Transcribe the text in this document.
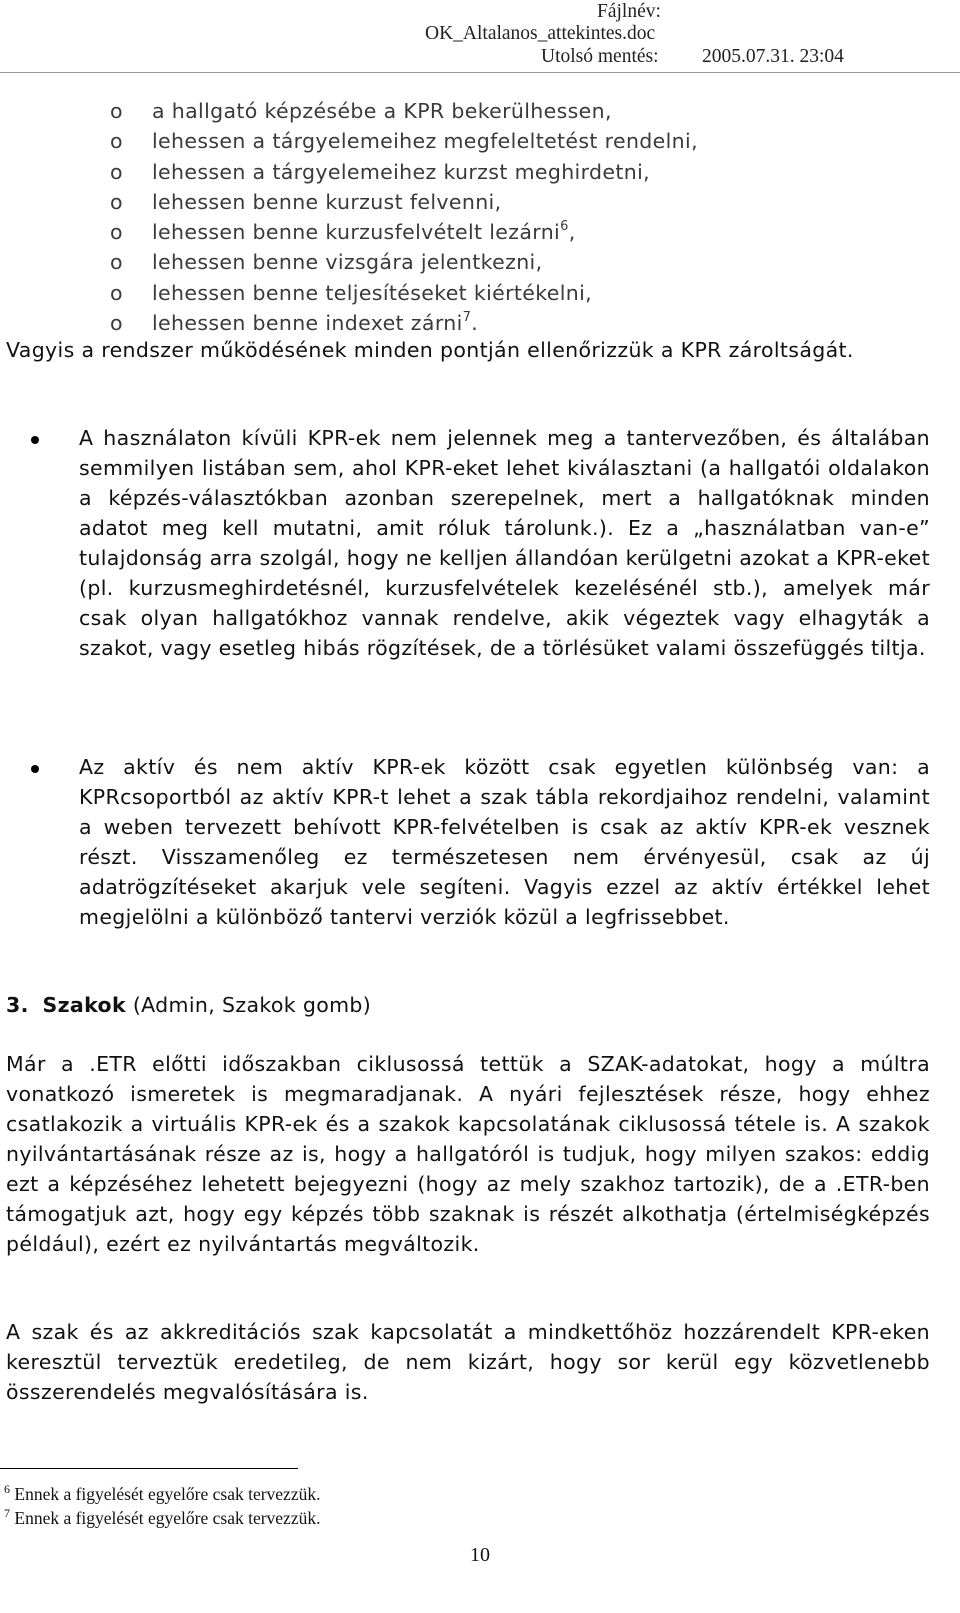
Fájlnév:
OK_Altalanos_attekintes.doc
Utolsó mentés: 2005.07.31. 23:04
o a hallgató képzésébe a KPR bekerülhessen,
o lehessen a tárgyelemeihez megfeleltetést rendelni,
o lehessen a tárgyelemeihez kurzst meghirdetni,
o lehessen benne kurzust felvenni,
o lehessen benne kurzusfelvételt lezárni$^6$,
o lehessen benne vizsgára jelentkezni,
o lehessen benne teljesítéseket kiértékelni,
o lehessen benne indexet zárni$^7$.

Vagyis a rendszer működésének minden pontján ellenőrizzük a KPR zároltságát.

A használaton kívüli KPR-ek nem jelennek meg a tantervezőben, és általában semmilyen listában sem, ahol KPR-eket lehet kiválasztani (a hallgatói oldalakon a képzés-választókban azonban szerepelnek, mert a hallgatóknak minden adatot meg kell mutatni, amit róluk tárolunk.). Ez a „használatban van-e” tulajdonság arra szolgál, hogy ne kelljen állandóan kerülgetni azokat a KPR-eket (pl. kurzusmeghirdetésnél, kurzusfelvételek kezelésénél stb.), amelyek már csak olyan hallgatókhoz vannak rendelve, akik végeztek vagy elhagyták a szakot, vagy esetleg hibás rögzítések, de a törlésüket valami összefüggés tiltja.

Az aktív és nem aktív KPR-ek között csak egyetlen különbség van: a KPRcsoportból az aktív KPR-t lehet a szak tábla rekordjaihoz rendelni, valamint a weben tervezett behívott KPR-felvételben is csak az aktív KPR-ek vesznek részt. Visszamenőleg ez természetesen nem érvényesül, csak az új adatrögzítéseket akarjuk vele segíteni. Vagyis ezzel az aktív értékkel lehet megjelölni a különböző tantervi verziók közül a legfrissebbet.

3. Szakok (Admin, Szakok gomb)

Már a .ETR előtti időszakban ciklusossá tettük a SZAK-adatokat, hogy a múltra vonatkozó ismeretek is megmaradjanak. A nyári fejlesztések része, hogy ehhez csatlakozik a virtuális KPR-ek és a szakok kapcsolatának ciklusossá tétele is. A szakok nyilvántartásának része az is, hogy a hallgatóról is tudjuk, hogy milyen szakos: eddig ezt a képzéséhez lehetett bejegyezni (hogy az mely szakhoz tartozik), de a .ETR-ben támogatjuk azt, hogy egy képzés több szaknak is részét alkothatja (értelmiségképzés például), ezért ez nyilvántartás megváltozik.

A szak és az akkreditációs szak kapcsolatát a mindkettőhöz hozzárendelt KPR-eken keresztül terveztük eredetileg, de nem kizárt, hogy sor kerül egy közvetlenebb összerendelés megvalósítására is.

$^6$ Ennek a figyelését egyelőre csak tervezzük.
$^7$ Ennek a figyelését egyelőre csak tervezzük.
10
